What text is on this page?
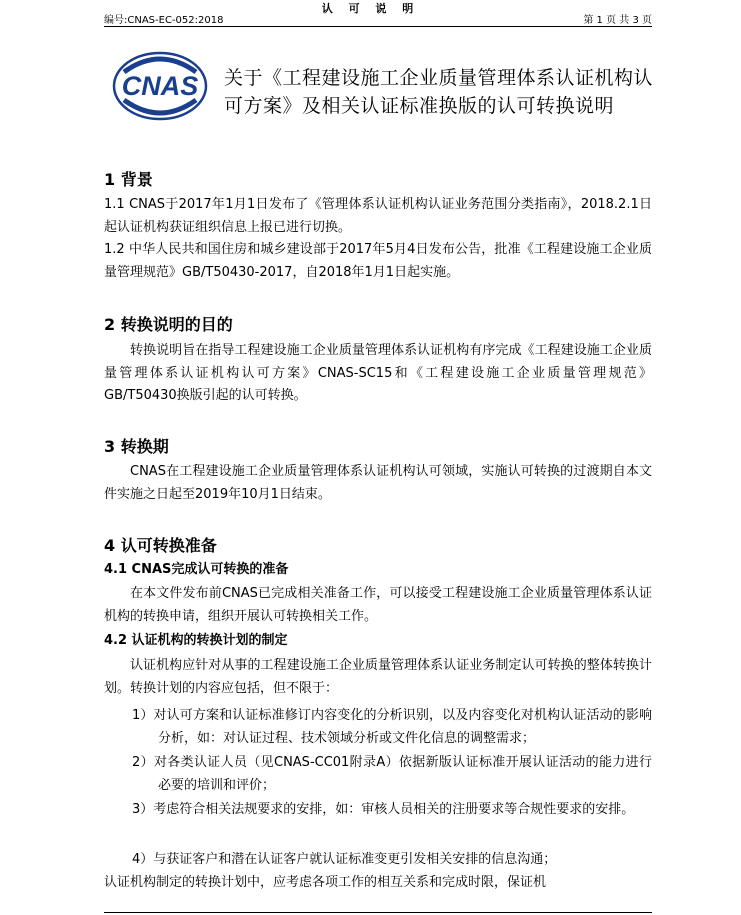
认 可 说 明
编号:CNAS-EC-052:2018	第 1 页 共 3 页
CNAS 关于《工程建设施工企业质量管理体系认证机构认可方案》及相关认证标准换版的认可转换说明
1 背景
1.1 CNAS于2017年1月1日发布了《管理体系认证机构认证业务范围分类指南》，2018.2.1日起认证机构获证组织信息上报已进行切换。
1.2 中华人民共和国住房和城乡建设部于2017年5月4日发布公告，批准《工程建设施工企业质量管理规范》GB/T50430-2017，自2018年1月1日起实施。
2 转换说明的目的
转换说明旨在指导工程建设施工企业质量管理体系认证机构有序完成《工程建设施工企业质量管理体系认证机构认可方案》CNAS-SC15和《工程建设施工企业质量管理规范》GB/T50430换版引起的认可转换。
3 转换期
CNAS在工程建设施工企业质量管理体系认证机构认可领域，实施认可转换的过渡期自本文件实施之日起至2019年10月1日结束。
4 认可转换准备
4.1 CNAS完成认可转换的准备
在本文件发布前CNAS已完成相关准备工作，可以接受工程建设施工企业质量管理体系认证机构的转换申请，组织开展认可转换相关工作。
4.2 认证机构的转换计划的制定
认证机构应针对从事的工程建设施工企业质量管理体系认证业务制定认可转换的整体转换计划。转换计划的内容应包括，但不限于：
1）对认可方案和认证标准修订内容变化的分析识别，以及内容变化对机构认证活动的影响分析，如：对认证过程、技术领域分析或文件化信息的调整需求；
2）对各类认证人员（见CNAS-CC01附录A）依据新版认证标准开展认证活动的能力进行必要的培训和评价；
3）考虑符合相关法规要求的安排，如：审核人员相关的注册要求等合规性要求的安排。
4）与获证客户和潜在认证客户就认证标准变更引发相关安排的信息沟通；
认证机构制定的转换计划中，应考虑各项工作的相互关系和完成时限，保证机
